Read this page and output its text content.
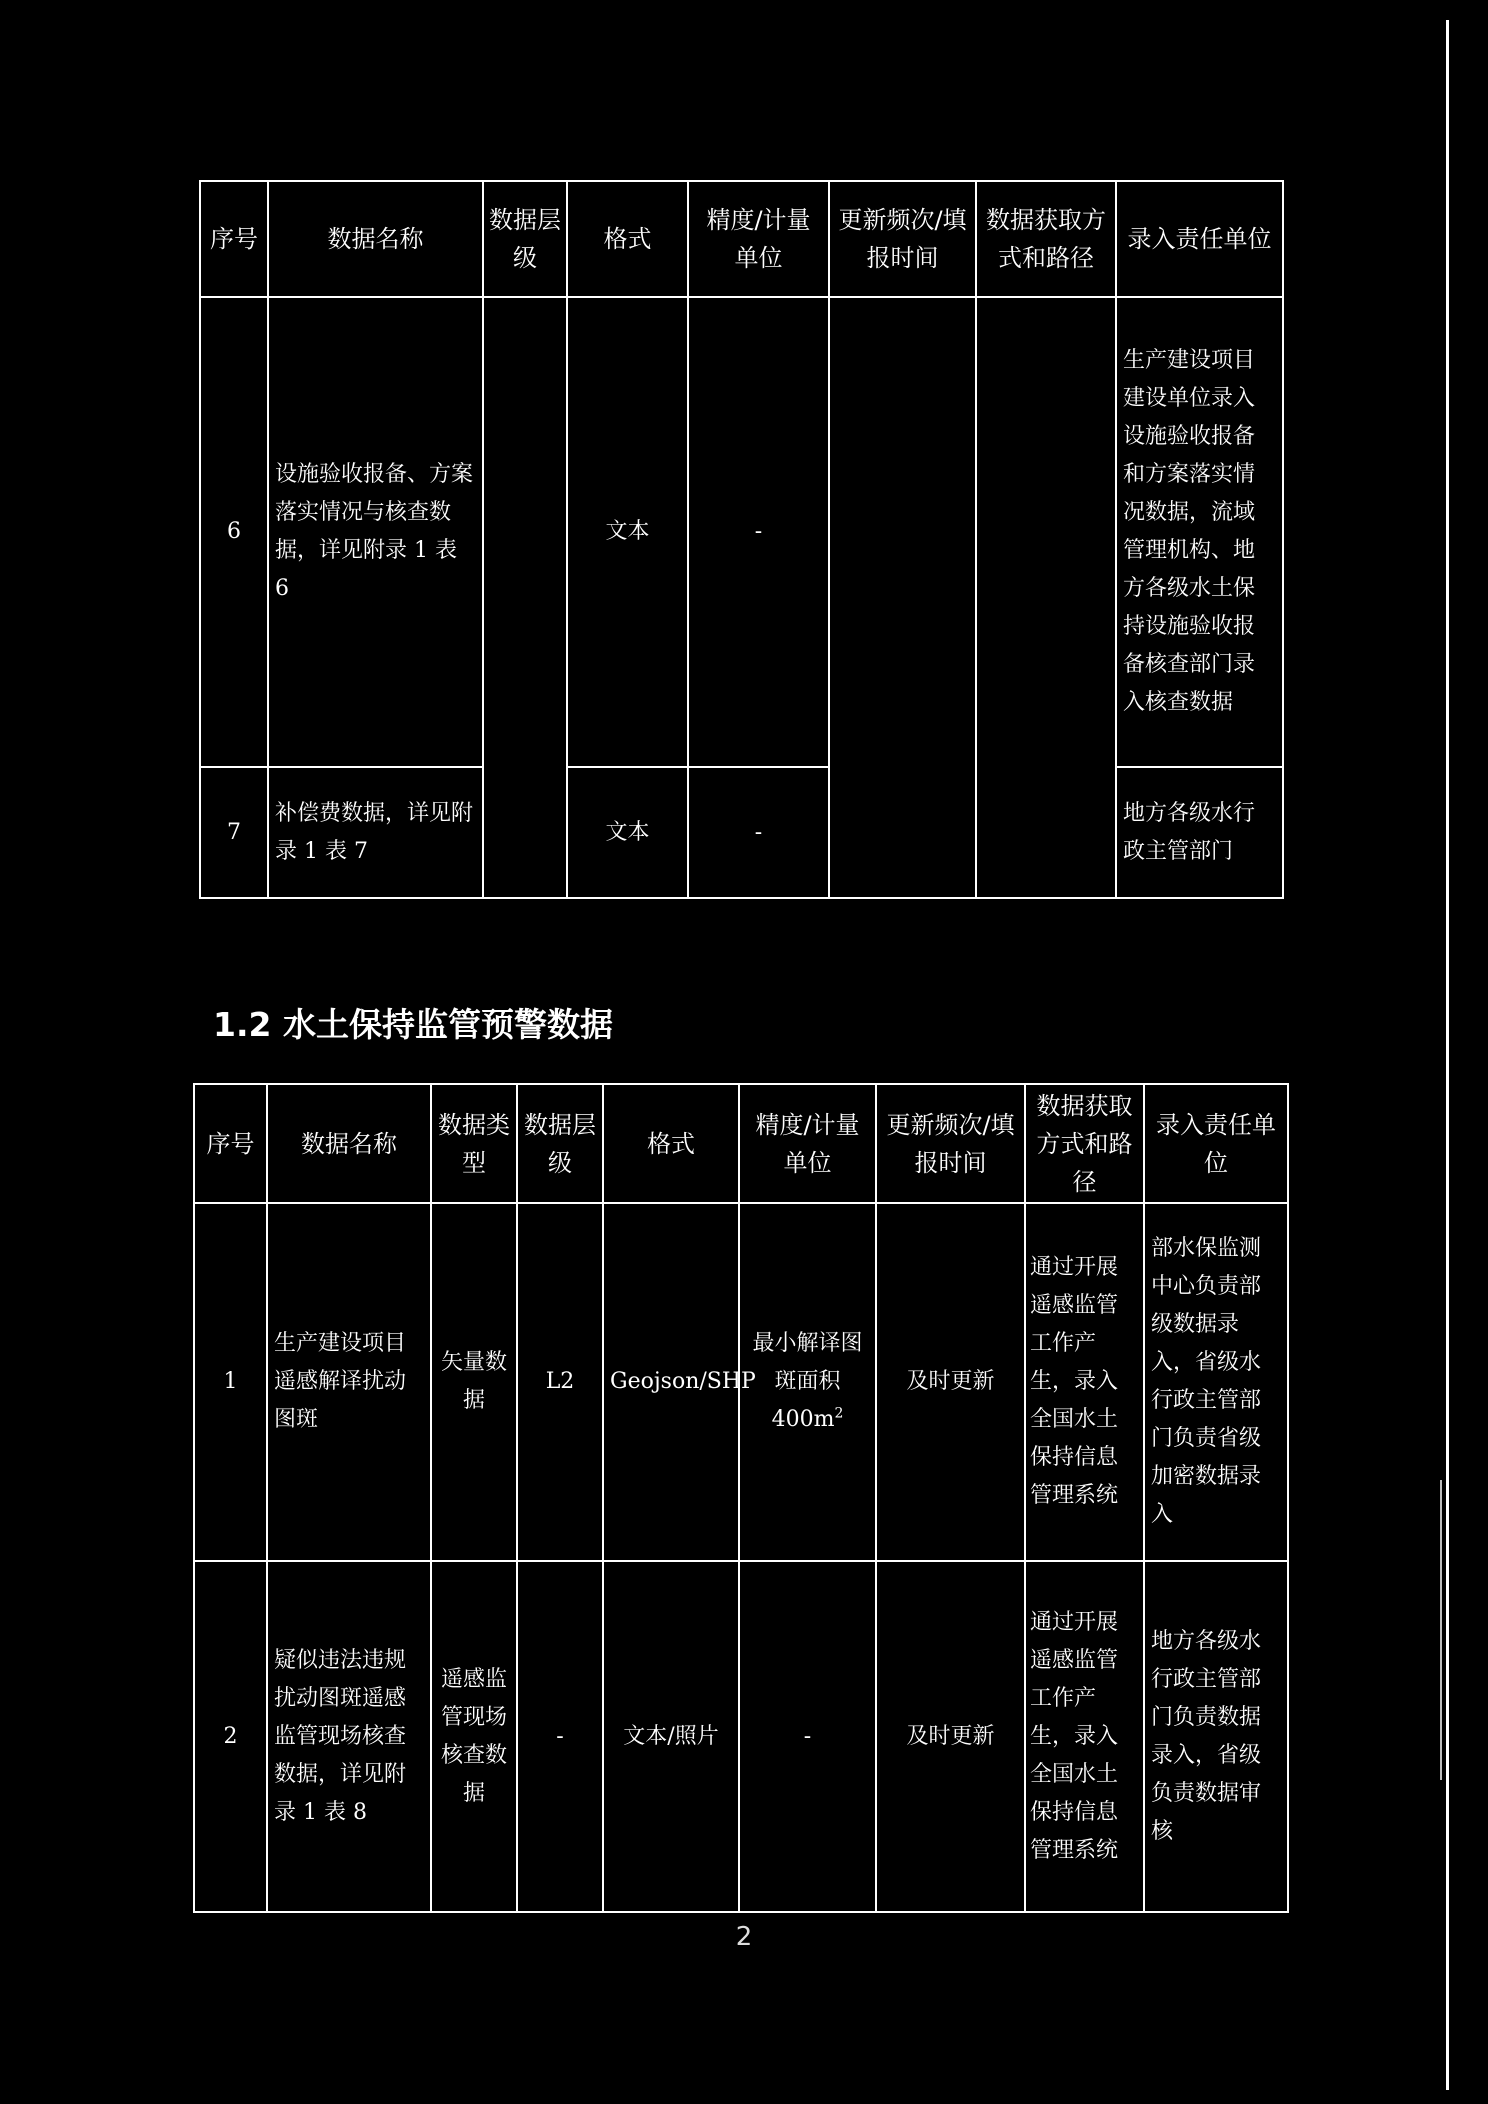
序号	数据名称	数据层级	格式	精度/计量单位	更新频次/填报时间	数据获取方式和路径	录入责任单位
6	设施验收报备、方案落实情况与核查数据，详见附录 1 表 6		文本	-			生产建设项目建设单位录入设施验收报备和方案落实情况数据，流域管理机构、地方各级水土保持设施验收报备核查部门录入核查数据
7	补偿费数据，详见附录 1 表 7		文本	-			地方各级水行政主管部门
1.2 水土保持监管预警数据
序号	数据名称	数据类型	数据层级	格式	精度/计量单位	更新频次/填报时间	数据获取方式和路径	录入责任单位
1	生产建设项目遥感解译扰动图斑	矢量数据	L2	Geojson/SHP	最小解译图斑面积 $400m^2$	及时更新	通过开展遥感监管工作产生，录入全国水土保持信息管理系统	部水保监测中心负责部级数据录入，省级水行政主管部门负责省级加密数据录入
2	疑似违法违规扰动图斑遥感监管现场核查数据，详见附录 1 表 8	遥感监管现场核查数据	-	文本/照片	-	及时更新	通过开展遥感监管工作产生，录入全国水土保持信息管理系统	地方各级水行政主管部门负责数据录入，省级负责数据审核
2
